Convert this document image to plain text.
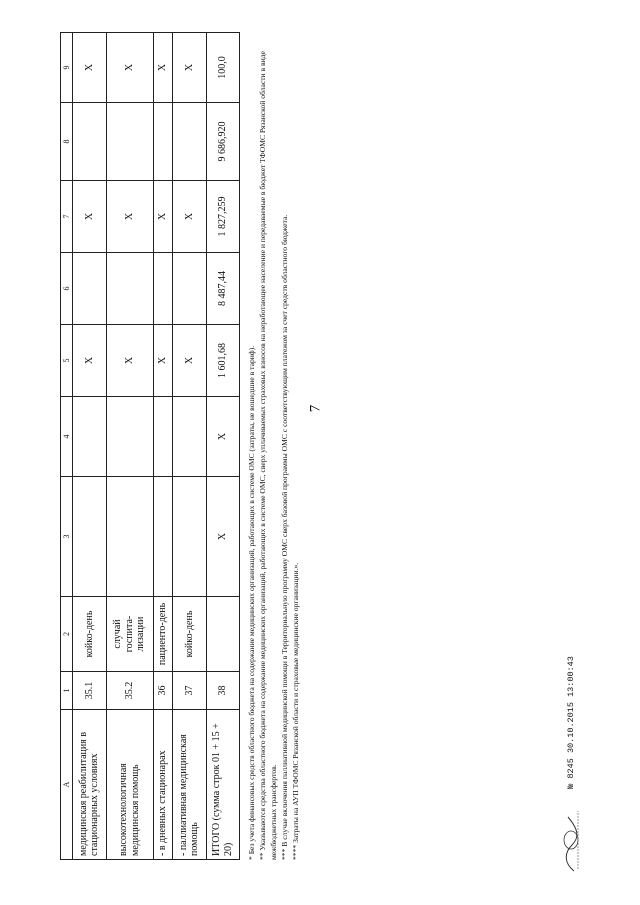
7
A	1	2	3	4	5	6	7	8	9
медицинская реабилитация в стационарных условиях	35.1	койко-день			X		X		X
высокотехнологичная медицинская помощь	35.2	случай госпита-лизации			X		X		X
- в дневных стационарах	36	пациенто-день			X		X		X
- паллиативная медицинская помощь	37	койко-день			X		X		X
ИТОГО (сумма строк 01 + 15 + 20)	38		X	X	1 601,68	8 487,44	1 827,259	9 686,920	100,0

* Без учета финансовых средств областного бюджета на содержание медицинских организаций, работающих в системе ОМС (затраты, не вошедшие в тариф). ** Указываются средства областного бюджета на содержание медицинских организаций, работающих в системе ОМС, сверх уплачиваемых страховых взносов на неработающее население и передаваемые в бюджет ТФОМС Рязанской области в виде межбюджетных трансфертов. *** В случае включения паллиативной медицинской помощи в Территориальную программу ОМС сверх базовой программы ОМС с соответствующим платежом за счет средств областного бюджета. **** Затраты на АУП ТФОМС Рязанской области и страховые медицинские организации.».	№ 8245 30.10.2015 13:00:43
